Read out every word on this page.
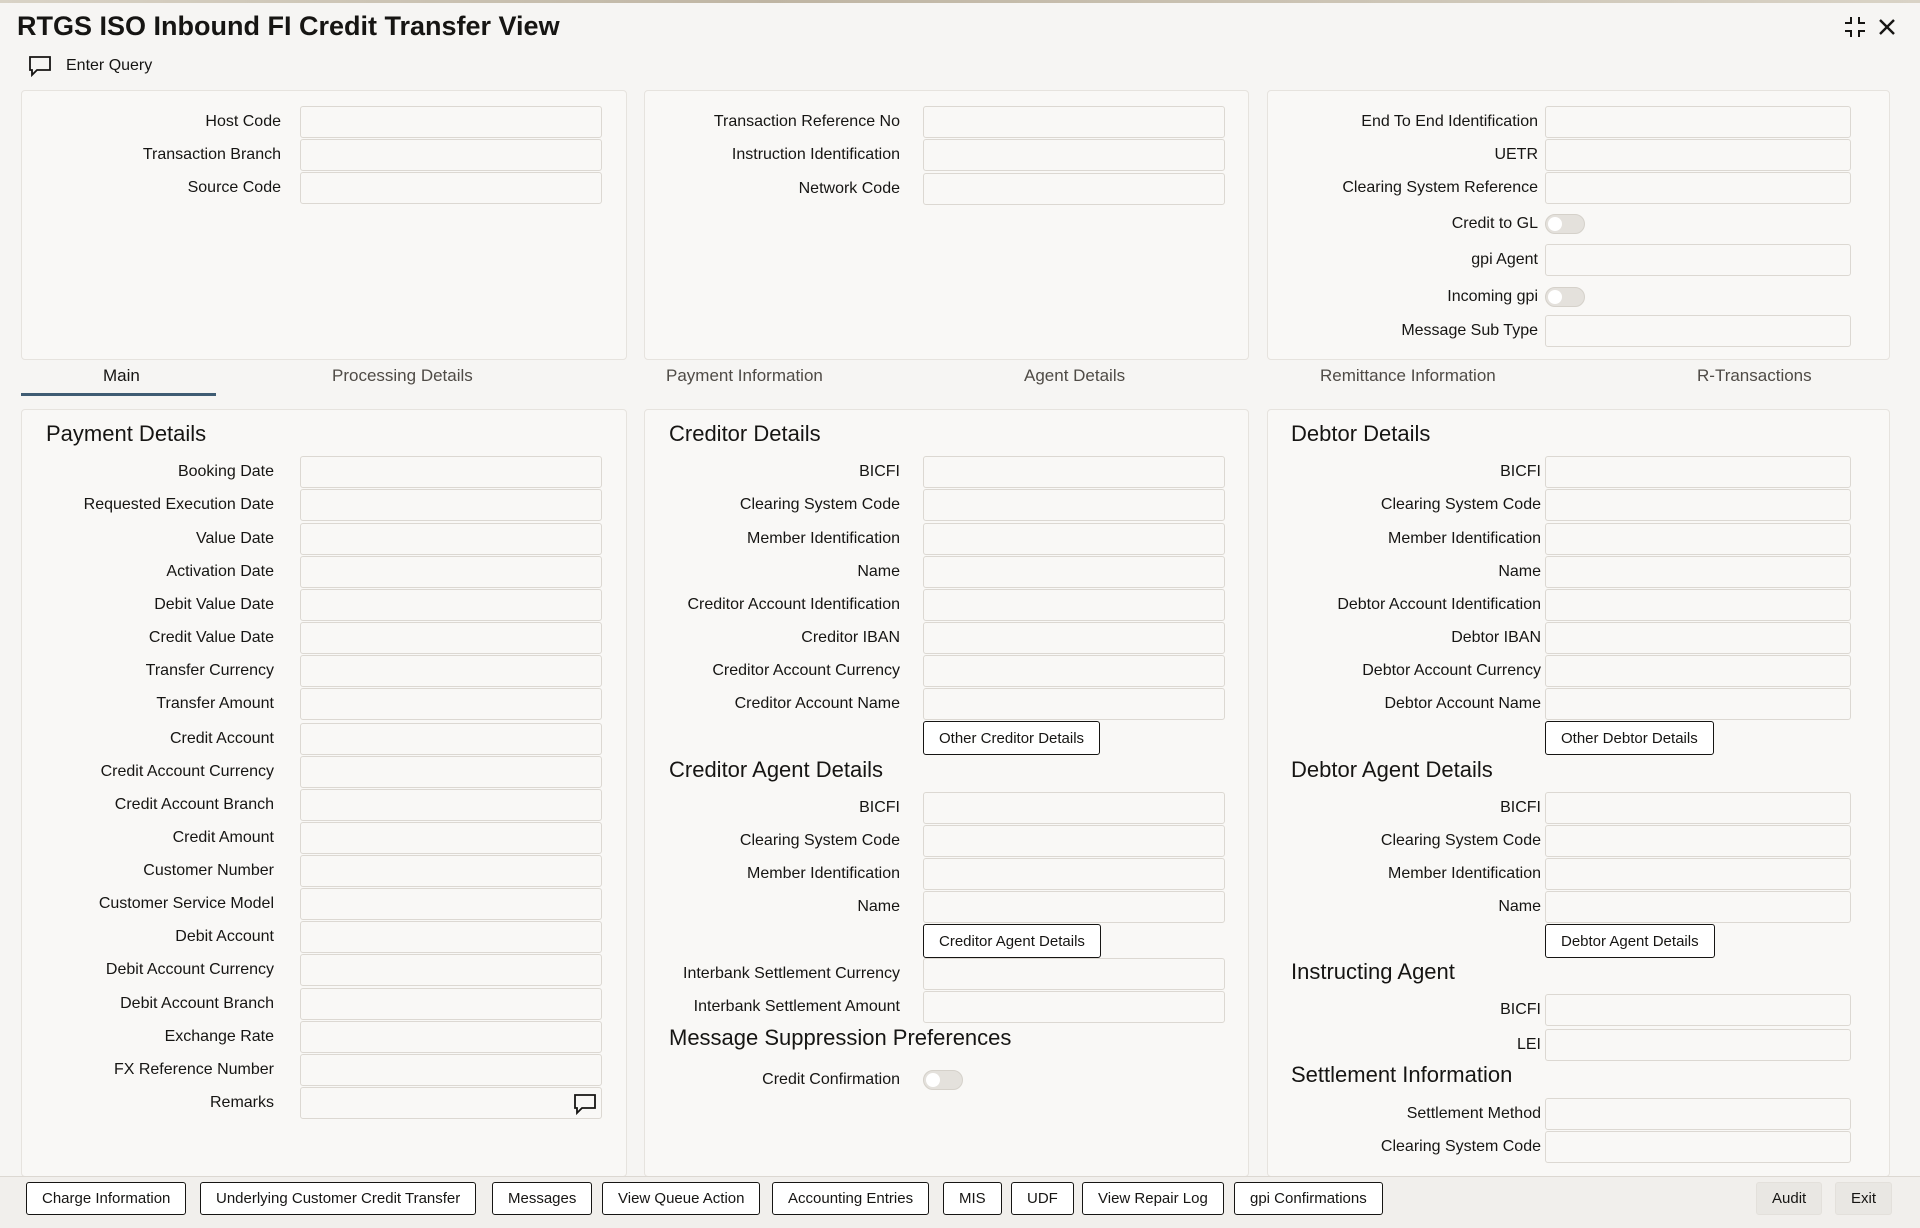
RTGS ISO Inbound FI Credit Transfer View
Enter Query
Host Code
Transaction Branch
Source Code
Transaction Reference No
Instruction Identification
Network Code
End To End Identification
UETR
Clearing System Reference
Credit to GL
gpi Agent
Incoming gpi
Message Sub Type
Main	Processing Details	Payment Information	Agent Details	Remittance Information	R-Transactions
Payment Details
Booking Date
Requested Execution Date
Value Date
Activation Date
Debit Value Date
Credit Value Date
Transfer Currency
Transfer Amount
Credit Account
Credit Account Currency
Credit Account Branch
Credit Amount
Customer Number
Customer Service Model
Debit Account
Debit Account Currency
Debit Account Branch
Exchange Rate
FX Reference Number
Remarks
Creditor Details
BICFI
Clearing System Code
Member Identification
Name
Creditor Account Identification
Creditor IBAN
Creditor Account Currency
Creditor Account Name
Other Creditor Details
Creditor Agent Details
BICFI
Clearing System Code
Member Identification
Name
Creditor Agent Details
Interbank Settlement Currency
Interbank Settlement Amount
Message Suppression Preferences
Credit Confirmation
Debtor Details
BICFI
Clearing System Code
Member Identification
Name
Debtor Account Identification
Debtor IBAN
Debtor Account Currency
Debtor Account Name
Other Debtor Details
Debtor Agent Details
BICFI
Clearing System Code
Member Identification
Name
Debtor Agent Details
Instructing Agent
BICFI
LEI
Settlement Information
Settlement Method
Clearing System Code
Charge Information	Underlying Customer Credit Transfer	Messages	View Queue Action	Accounting Entries	MIS	UDF	View Repair Log	gpi Confirmations	Audit	Exit
